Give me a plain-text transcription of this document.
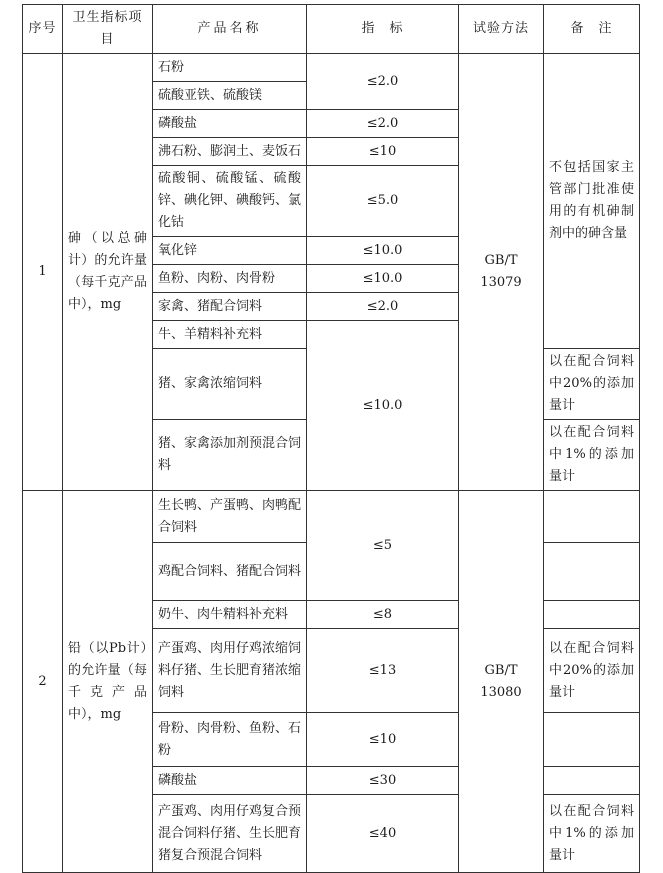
序号	卫生指标项目	产品名称	指　标	试验方法	备　注
1	砷（以总砷计）的允许量（每千克产品中），mg	石粉	≤2.0	GB/T 13079	不包括国家主管部门批准使用的有机砷制剂中的砷含量
		硫酸亚铁、硫酸镁			
		磷酸盐	≤2.0		
		沸石粉、膨润土、麦饭石	≤10		
		硫酸铜、硫酸锰、硫酸锌、碘化钾、碘酸钙、氯化钴	≤5.0		
		氧化锌	≤10.0		
		鱼粉、肉粉、肉骨粉	≤10.0		
		家禽、猪配合饲料	≤2.0		
		牛、羊精料补充料	≤10.0		
		猪、家禽浓缩饲料			以在配合饲料中20%的添加量计
		猪、家禽添加剂预混合饲料			以在配合饲料中1%的添加量计
2	铅（以Pb计）的允许量（每千克产品中），mg	生长鸭、产蛋鸭、肉鸭配合饲料	≤5	GB/T 13080	
		鸡配合饲料、猪配合饲料			
		奶牛、肉牛精料补充料	≤8		
		产蛋鸡、肉用仔鸡浓缩饲料仔猪、生长肥育猪浓缩饲料	≤13		以在配合饲料中20%的添加量计
		骨粉、肉骨粉、鱼粉、石粉	≤10		
		磷酸盐	≤30		
		产蛋鸡、肉用仔鸡复合预混合饲料仔猪、生长肥育猪复合预混合饲料	≤40		以在配合饲料中1%的添加量计
